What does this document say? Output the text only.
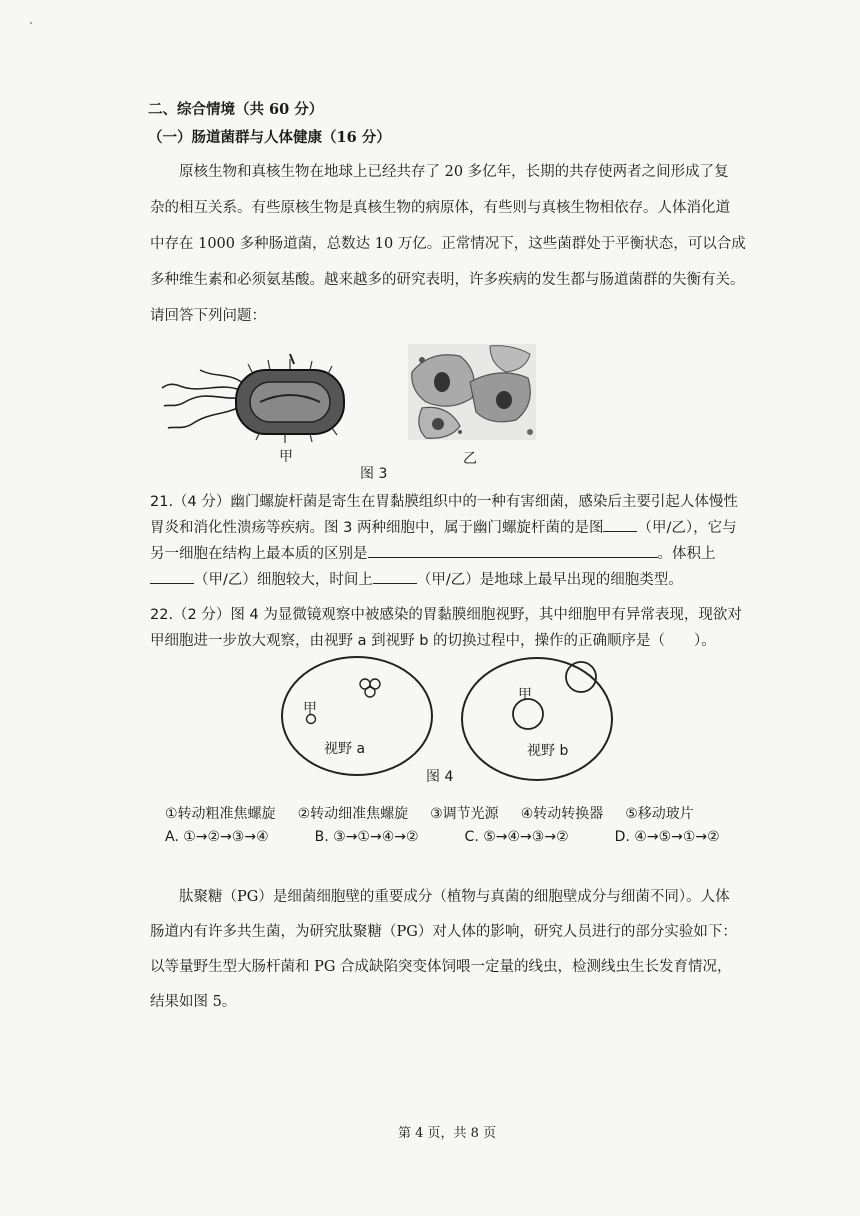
二、综合情境（共 60 分）
（一）肠道菌群与人体健康（16 分）
原核生物和真核生物在地球上已经共存了 20 多亿年，长期的共存使两者之间形成了复
杂的相互关系。有些原核生物是真核生物的病原体，有些则与真核生物相依存。人体消化道
中存在 1000 多种肠道菌，总数达 10 万亿。正常情况下，这些菌群处于平衡状态，可以合成
多种维生素和必须氨基酸。越来越多的研究表明，许多疾病的发生都与肠道菌群的失衡有关。
请回答下列问题：
甲	乙
图 3
21.（4 分）幽门螺旋杆菌是寄生在胃黏膜组织中的一种有害细菌，感染后主要引起人体慢性
胃炎和消化性溃疡等疾病。图 3 两种细胞中，属于幽门螺旋杆菌的是图 （甲/乙），它与
另一细胞在结构上最本质的区别是	。体积上
（甲/乙）细胞较大，时间上	（甲/乙）是地球上最早出现的细胞类型。
22.（2 分）图 4 为显微镜观察中被感染的胃黏膜细胞视野，其中细胞甲有异常表现，现欲对
甲细胞进一步放大观察，由视野 a 到视野 b 的切换过程中，操作的正确顺序是（　　）。
甲
视野 a
甲
视野 b
图 4
①转动粗准焦螺旋 ②转动细准焦螺旋 ③调节光源 ④转动转换器 ⑤移动玻片
A. ①→②→③→④	B. ③→①→④→②	C. ⑤→④→③→②	D. ④→⑤→①→②
肽聚糖（PG）是细菌细胞壁的重要成分（植物与真菌的细胞壁成分与细菌不同）。人体
肠道内有许多共生菌，为研究肽聚糖（PG）对人体的影响，研究人员进行的部分实验如下：
以等量野生型大肠杆菌和 PG 合成缺陷突变体饲喂一定量的线虫，检测线虫生长发育情况，
结果如图 5。
第 4 页，共 8 页
